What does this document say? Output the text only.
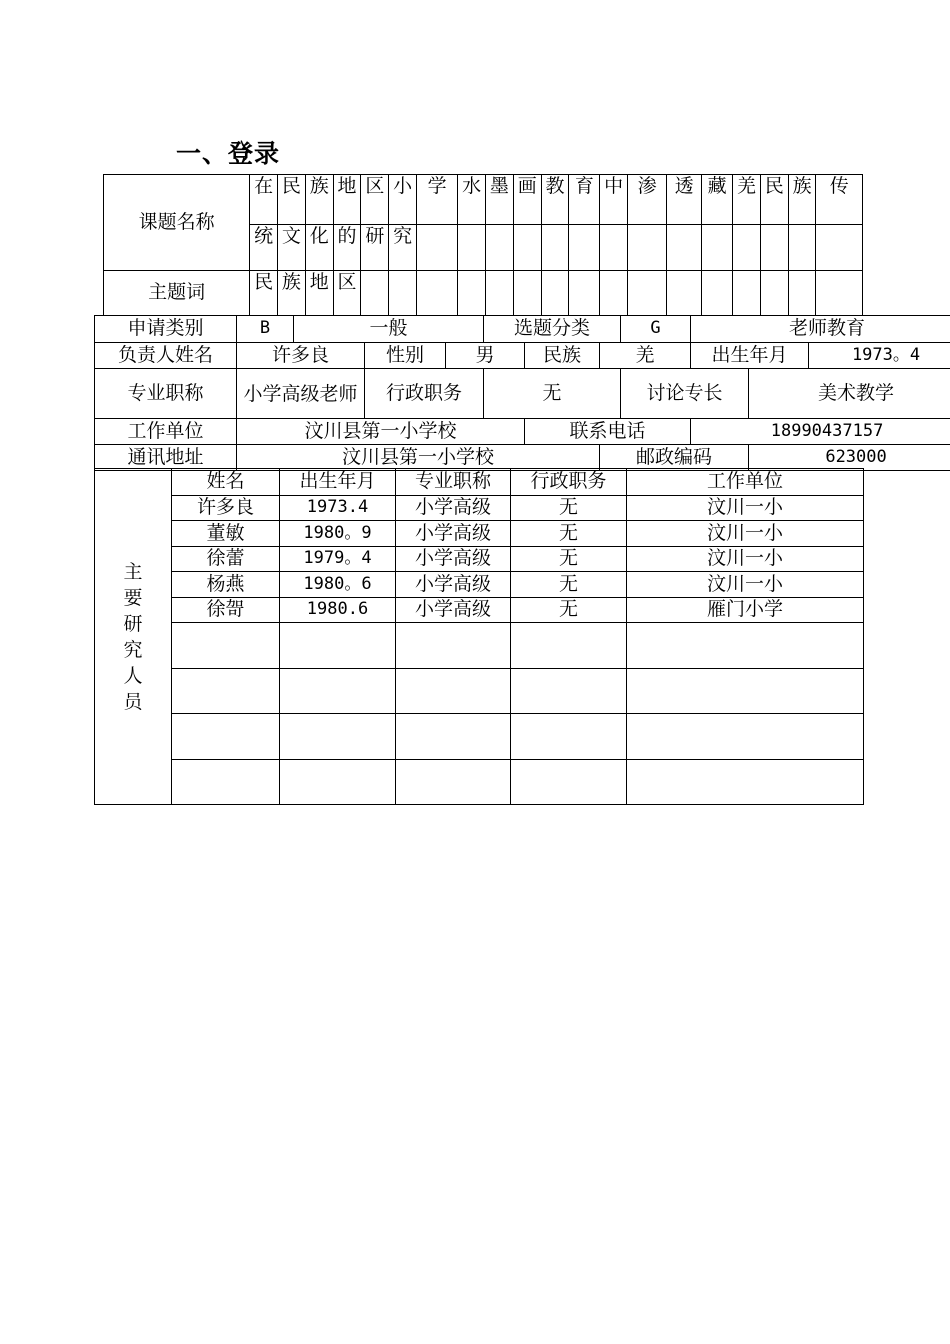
一、登录
课题名称	在	民	族	地	区	小	学	水	墨	画	教	育	中	渗	透	藏	羌	民	族	传
	统	文	化	的	研	究														
主题词	民	族	地	区																
申请类别	B	一般			选题分类			G	老师教育		
负责人姓名	许多良		性别	男		民族	羌		出生年月		1973。4
专业职称	小学高级老师		行政职务		无			讨论专长		美术教学	
工作单位	汶川县第一小学校					联系电话			18990437157		
通讯地址	汶川县第一小学校						邮政编码			623000	
主要研究人员	姓名	出生年月	专业职称	行政职务	工作单位
	许多良	1973.4	小学高级	无	汶川一小
	董敏	1980。9	小学高级	无	汶川一小
	徐蕾	1979。4	小学高级	无	汶川一小
	杨燕	1980。6	小学高级	无	汶川一小
	徐哿	1980.6	小学高级	无	雁门小学
